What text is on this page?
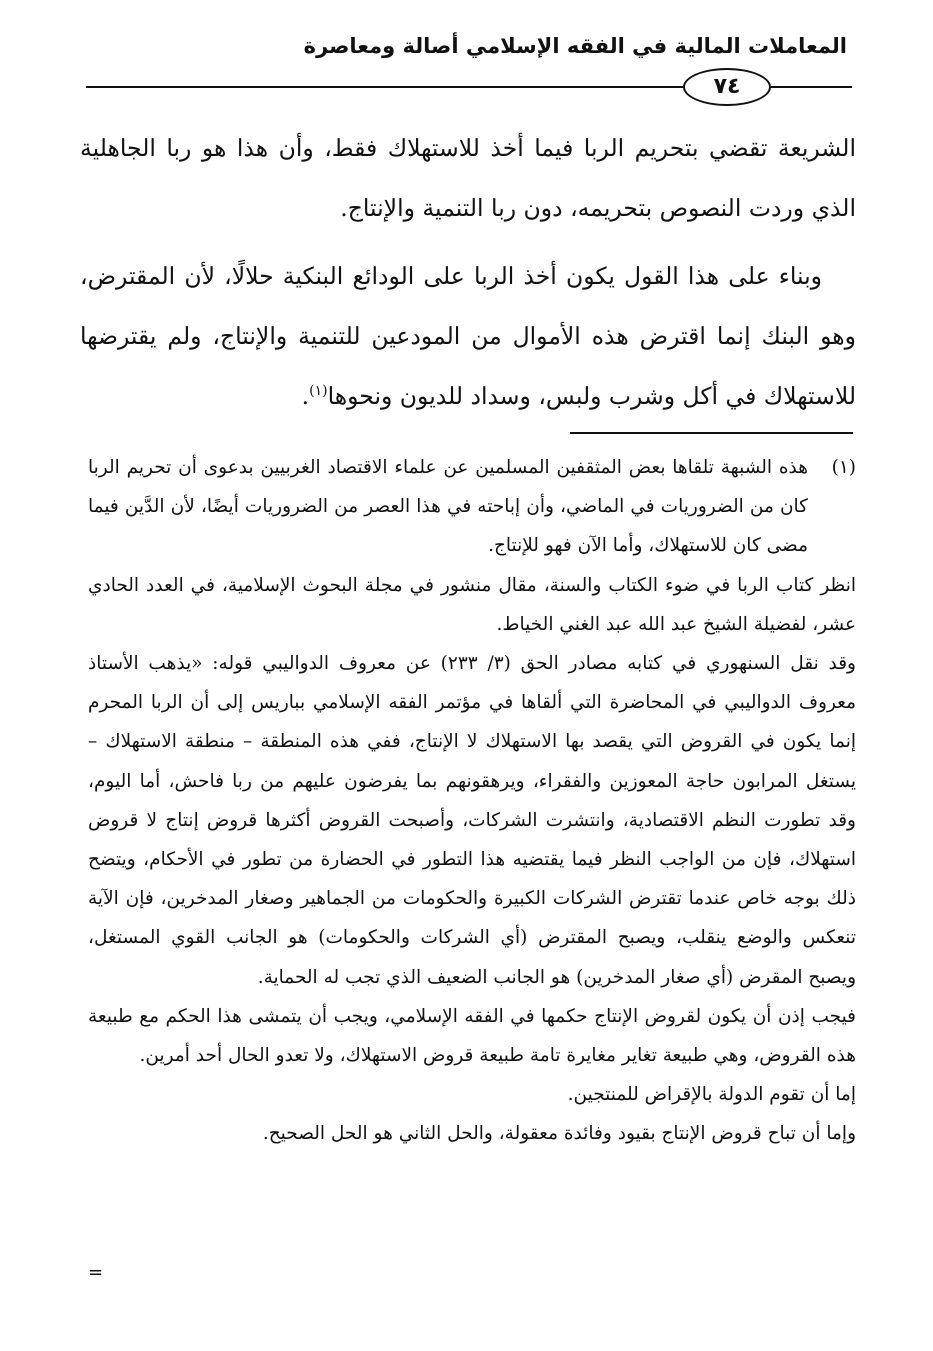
المعاملات المالية في الفقه الإسلامي أصالة ومعاصرة
٧٤

الشريعة تقضي بتحريم الربا فيما أخذ للاستهلاك فقط، وأن هذا هو ربا الجاهلية الذي وردت النصوص بتحريمه، دون ربا التنمية والإنتاج.

وبناء على هذا القول يكون أخذ الربا على الودائع البنكية حلالًا، لأن المقترض، وهو البنك إنما اقترض هذه الأموال من المودعين للتنمية والإنتاج، ولم يقترضها للاستهلاك في أكل وشرب ولبس، وسداد للديون ونحوها$^{(١)}$.

(١)
هذه الشبهة تلقاها بعض المثقفين المسلمين عن علماء الاقتصاد الغربيين بدعوى أن تحريم الربا كان من الضروريات في الماضي، وأن إباحته في هذا العصر من الضروريات أيضًا، لأن الدَّين فيما مضى كان للاستهلاك، وأما الآن فهو للإنتاج.

انظر كتاب الربا في ضوء الكتاب والسنة، مقال منشور في مجلة البحوث الإسلامية، في العدد الحادي عشر، لفضيلة الشيخ عبد الله عبد الغني الخياط.

وقد نقل السنهوري في كتابه مصادر الحق (٣/ ٢٣٣) عن معروف الدواليبي قوله: «يذهب الأستاذ معروف الدواليبي في المحاضرة التي ألقاها في مؤتمر الفقه الإسلامي بباريس إلى أن الربا المحرم إنما يكون في القروض التي يقصد بها الاستهلاك لا الإنتاج، ففي هذه المنطقة – منطقة الاستهلاك – يستغل المرابون حاجة المعوزين والفقراء، ويرهقونهم بما يفرضون عليهم من ربا فاحش، أما اليوم، وقد تطورت النظم الاقتصادية، وانتشرت الشركات، وأصبحت القروض أكثرها قروض إنتاج لا قروض استهلاك، فإن من الواجب النظر فيما يقتضيه هذا التطور في الحضارة من تطور في الأحكام، ويتضح ذلك بوجه خاص عندما تقترض الشركات الكبيرة والحكومات من الجماهير وصغار المدخرين، فإن الآية تنعكس والوضع ينقلب، ويصبح المقترض (أي الشركات والحكومات) هو الجانب القوي المستغل، ويصبح المقرض (أي صغار المدخرين) هو الجانب الضعيف الذي تجب له الحماية.

فيجب إذن أن يكون لقروض الإنتاج حكمها في الفقه الإسلامي، ويجب أن يتمشى هذا الحكم مع طبيعة هذه القروض، وهي طبيعة تغاير مغايرة تامة طبيعة قروض الاستهلاك، ولا تعدو الحال أحد أمرين.

إما أن تقوم الدولة بالإقراض للمنتجين.

وإما أن تباح قروض الإنتاج بقيود وفائدة معقولة، والحل الثاني هو الحل الصحيح.

=
